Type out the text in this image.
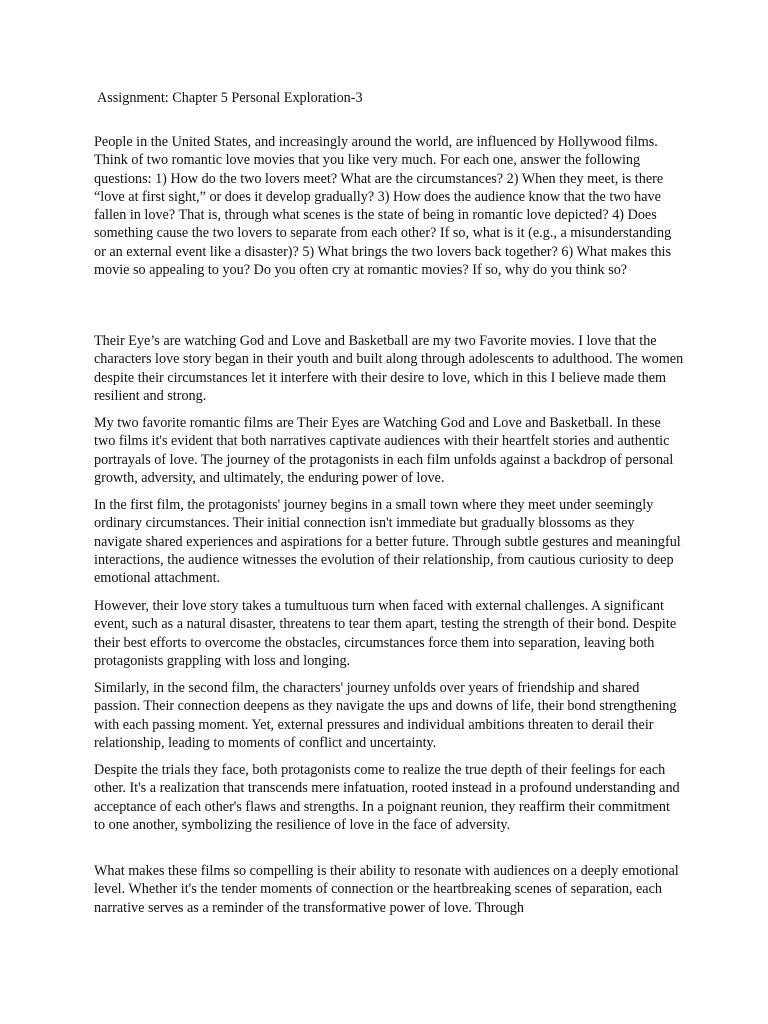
Assignment: Chapter 5 Personal Exploration-3

People in the United States, and increasingly around the world, are influenced by Hollywood films. Think of two romantic love movies that you like very much. For each one, answer the following questions: 1) How do the two lovers meet? What are the circumstances? 2) When they meet, is there “love at first sight,” or does it develop gradually? 3) How does the audience know that the two have fallen in love? That is, through what scenes is the state of being in romantic love depicted? 4) Does something cause the two lovers to separate from each other? If so, what is it (e.g., a misunderstanding or an external event like a disaster)? 5) What brings the two lovers back together? 6) What makes this movie so appealing to you? Do you often cry at romantic movies? If so, why do you think so?

Their Eye’s are watching God and Love and Basketball are my two Favorite movies. I love that the characters love story began in their youth and built along through adolescents to adulthood. The women despite their circumstances let it interfere with their desire to love, which in this I believe made them resilient and strong.

My two favorite romantic films are Their Eyes are Watching God and Love and Basketball. In these two films it's evident that both narratives captivate audiences with their heartfelt stories and authentic portrayals of love. The journey of the protagonists in each film unfolds against a backdrop of personal growth, adversity, and ultimately, the enduring power of love.

In the first film, the protagonists' journey begins in a small town where they meet under seemingly ordinary circumstances. Their initial connection isn't immediate but gradually blossoms as they navigate shared experiences and aspirations for a better future. Through subtle gestures and meaningful interactions, the audience witnesses the evolution of their relationship, from cautious curiosity to deep emotional attachment.

However, their love story takes a tumultuous turn when faced with external challenges. A significant event, such as a natural disaster, threatens to tear them apart, testing the strength of their bond. Despite their best efforts to overcome the obstacles, circumstances force them into separation, leaving both protagonists grappling with loss and longing.

Similarly, in the second film, the characters' journey unfolds over years of friendship and shared passion. Their connection deepens as they navigate the ups and downs of life, their bond strengthening with each passing moment. Yet, external pressures and individual ambitions threaten to derail their relationship, leading to moments of conflict and uncertainty.

Despite the trials they face, both protagonists come to realize the true depth of their feelings for each other. It's a realization that transcends mere infatuation, rooted instead in a profound understanding and acceptance of each other's flaws and strengths. In a poignant reunion, they reaffirm their commitment to one another, symbolizing the resilience of love in the face of adversity.

What makes these films so compelling is their ability to resonate with audiences on a deeply emotional level. Whether it's the tender moments of connection or the heartbreaking scenes of separation, each narrative serves as a reminder of the transformative power of love. Through
